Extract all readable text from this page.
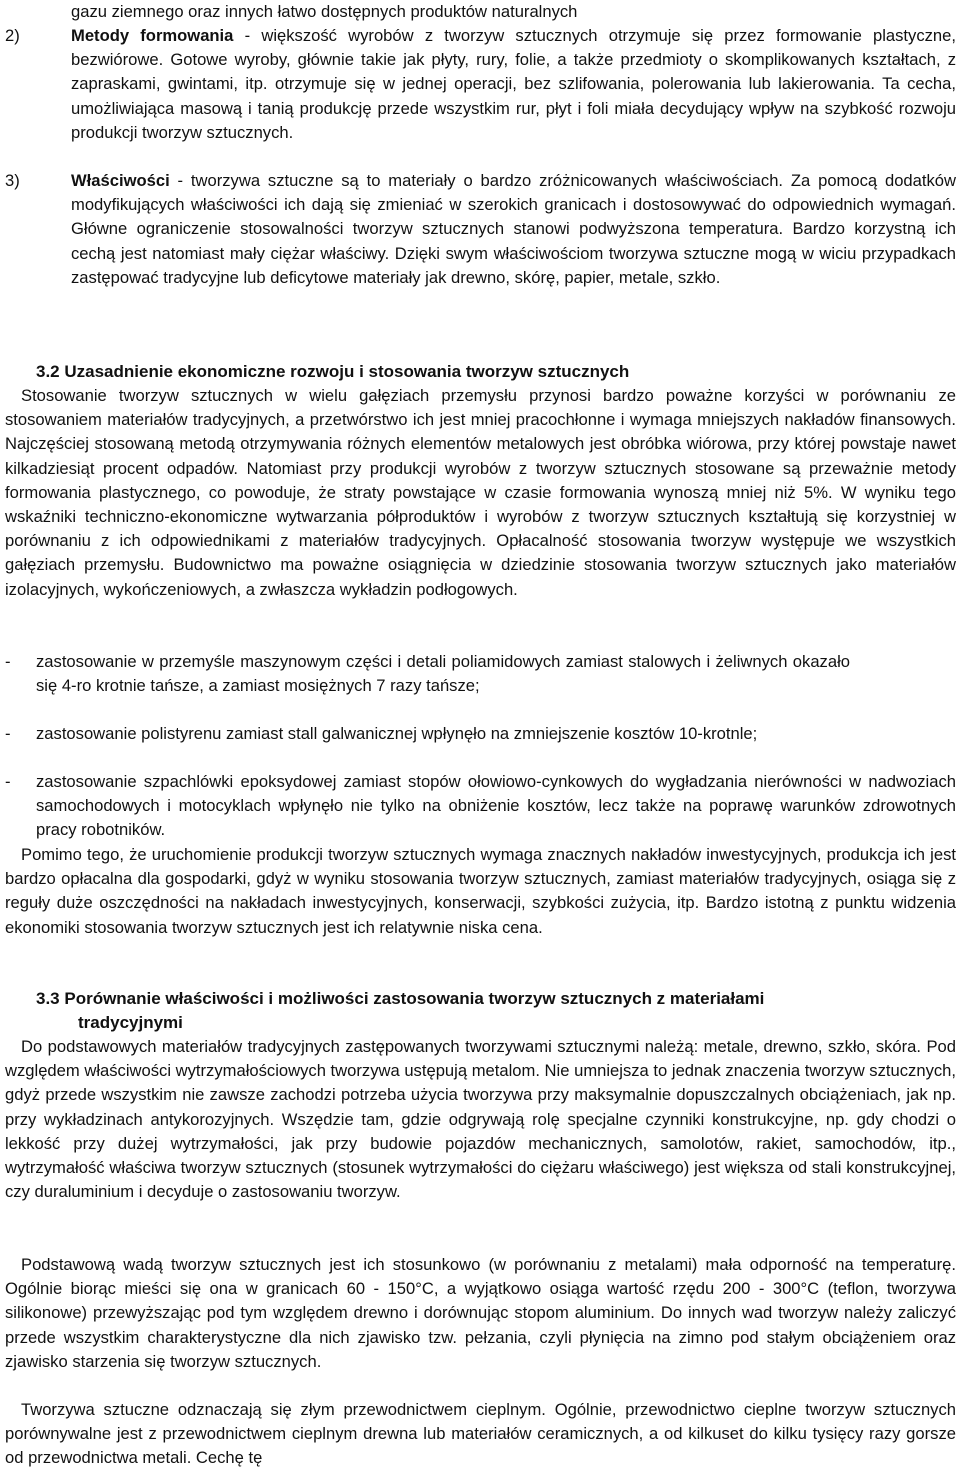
gazu ziemnego oraz innych łatwo dostępnych produktów naturalnych

2)	Metody formowania - większość wyrobów z tworzyw sztucznych otrzymuje się przez formowanie plastyczne, bezwiórowe. Gotowe wyroby, głównie takie jak płyty, rury, folie, a także przedmioty o skomplikowanych kształtach, z zapraskami, gwintami, itp. otrzymuje się w jednej operacji, bez szlifowania, polerowania lub lakierowania. Ta cecha, umożliwiająca masową i tanią produkcję przede wszystkim rur, płyt i foli miała decydujący wpływ na szybkość rozwoju produkcji tworzyw sztucznych.

3)	Właściwości - tworzywa sztuczne są to materiały o bardzo zróżnicowanych właściwościach. Za pomocą dodatków modyfikujących właściwości ich dają się zmieniać w szerokich granicach i dostosowywać do odpowiednich wymagań. Główne ograniczenie stosowalności tworzyw sztucznych stanowi podwyższona temperatura. Bardzo korzystną ich cechą jest natomiast mały ciężar właściwy. Dzięki swym właściwościom tworzywa sztuczne mogą w wiciu przypadkach zastępować tradycyjne lub deficytowe materiały jak drewno, skórę, papier, metale, szkło.

3.2 Uzasadnienie ekonomiczne rozwoju i stosowania tworzyw sztucznych

Stosowanie tworzyw sztucznych w wielu gałęziach przemysłu przynosi bardzo poważne korzyści w porównaniu ze stosowaniem materiałów tradycyjnych, a przetwórstwo ich jest mniej pracochłonne i wymaga mniejszych nakładów finansowych. Najczęściej stosowaną metodą otrzymywania różnych elementów metalowych jest obróbka wiórowa, przy której powstaje nawet kilkadziesiąt procent odpadów. Natomiast przy produkcji wyrobów z tworzyw sztucznych stosowane są przeważnie metody formowania plastycznego, co powoduje, że straty powstające w czasie formowania wynoszą mniej niż 5%. W wyniku tego wskaźniki techniczno-ekonomiczne wytwarzania półproduktów i wyrobów z tworzyw sztucznych kształtują się korzystniej w porównaniu z ich odpowiednikami z materiałów tradycyjnych. Opłacalność stosowania tworzyw występuje we wszystkich gałęziach przemysłu. Budownictwo ma poważne osiągnięcia w dziedzinie stosowania tworzyw sztucznych jako materiałów izolacyjnych, wykończeniowych, a zwłaszcza wykładzin podłogowych.

- zastosowanie w przemyśle maszynowym części i detali poliamidowych zamiast stalowych i żeliwnych okazało się 4-ro krotnie tańsze, a zamiast mosiężnych 7 razy tańsze;

- zastosowanie polistyrenu zamiast stall galwanicznej wpłynęło na zmniejszenie kosztów 10-krotnle;

- zastosowanie szpachlówki epoksydowej zamiast stopów ołowiowo-cynkowych do wygładzania nierówności w nadwoziach samochodowych i motocyklach wpłynęło nie tylko na obniżenie kosztów, lecz także na poprawę warunków zdrowotnych pracy robotników.

Pomimo tego, że uruchomienie produkcji tworzyw sztucznych wymaga znacznych nakładów inwestycyjnych, produkcja ich jest bardzo opłacalna dla gospodarki, gdyż w wyniku stosowania tworzyw sztucznych, zamiast materiałów tradycyjnych, osiąga się z reguły duże oszczędności na nakładach inwestycyjnych, konserwacji, szybkości zużycia, itp. Bardzo istotną z punktu widzenia ekonomiki stosowania tworzyw sztucznych jest ich relatywnie niska cena.

3.3 Porównanie właściwości i możliwości zastosowania tworzyw sztucznych z materiałami
tradycyjnymi

Do podstawowych materiałów tradycyjnych zastępowanych tworzywami sztucznymi należą: metale, drewno, szkło, skóra. Pod względem właściwości wytrzymałościowych tworzywa ustępują metalom. Nie umniejsza to jednak znaczenia tworzyw sztucznych, gdyż przede wszystkim nie zawsze zachodzi potrzeba użycia tworzywa przy maksymalnie dopuszczalnych obciążeniach, jak np. przy wykładzinach antykorozyjnych. Wszędzie tam, gdzie odgrywają rolę specjalne czynniki konstrukcyjne, np. gdy chodzi o lekkość przy dużej wytrzymałości, jak przy budowie pojazdów mechanicznych, samolotów, rakiet, samochodów, itp., wytrzymałość właściwa tworzyw sztucznych (stosunek wytrzymałości do ciężaru właściwego) jest większa od stali konstrukcyjnej, czy duraluminium i decyduje o zastosowaniu tworzyw.

Podstawową wadą tworzyw sztucznych jest ich stosunkowo (w porównaniu z metalami) mała odporność na temperaturę. Ogólnie biorąc mieści się ona w granicach 60 - 150°C, a wyjątkowo osiąga wartość rzędu 200 - 300°C (teflon, tworzywa silikonowe) przewyższając pod tym względem drewno i dorównując stopom aluminium. Do innych wad tworzyw należy zaliczyć przede wszystkim charakterystyczne dla nich zjawisko tzw. pełzania, czyli płynięcia na zimno pod stałym obciążeniem oraz zjawisko starzenia się tworzyw sztucznych.

Tworzywa sztuczne odznaczają się złym przewodnictwem cieplnym. Ogólnie, przewodnictwo cieplne tworzyw sztucznych porównywalne jest z przewodnictwem cieplnym drewna lub materiałów ceramicznych, a od kilkuset do kilku tysięcy razy gorsze od przewodnictwa metali. Cechę tę
